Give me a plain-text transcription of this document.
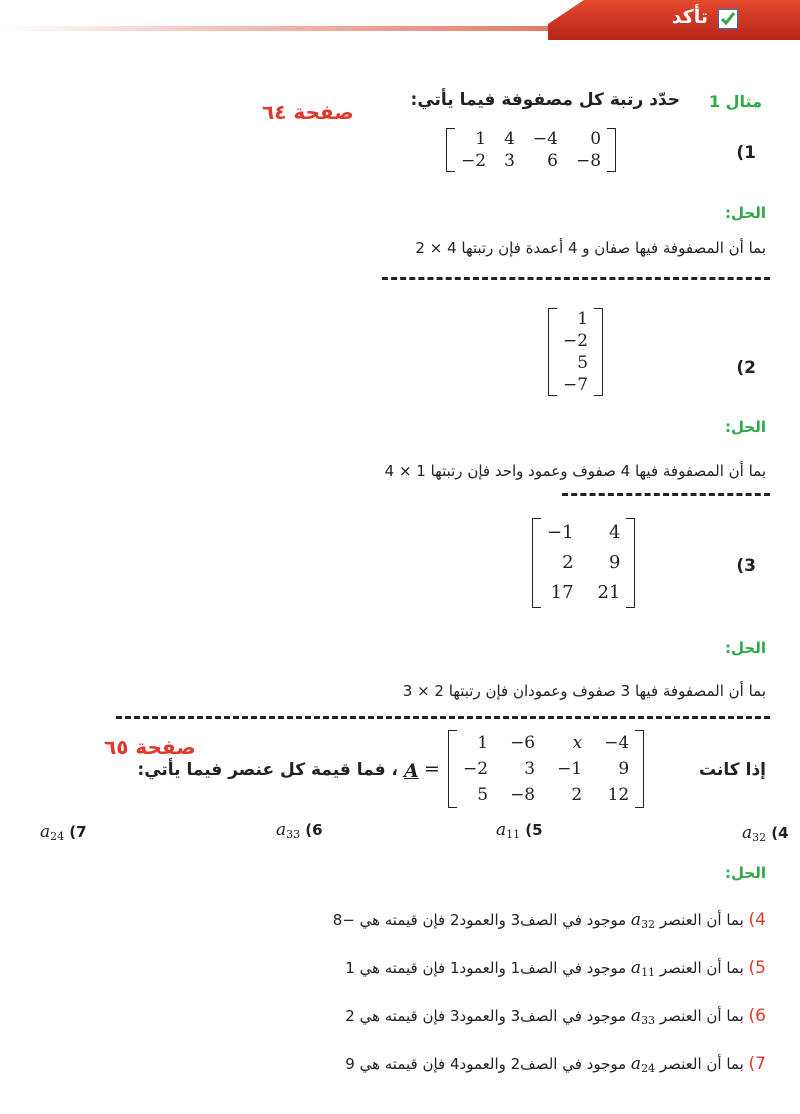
تأكد
مثال 1
حدّد رتبة كل مصفوفة فيما يأتي:
صفحة ٦٤
(1
1 4 −4	0
−2 3	6 −8
الحل:
بما أن المصفوفة فيها صفان و 4 أعمدة فإن رتبتها 4 × 2
(2
1
−2
5
−7
الحل:
بما أن المصفوفة فيها 4 صفوف وعمود واحد فإن رتبتها 1 × 4
(3
−1	4
2	9
17 21
الحل:
بما أن المصفوفة فيها 3 صفوف وعمودان فإن رتبتها 2 × 3
صفحة ٦٥
إذا كانت
1 −6	x −4
−2	3 −1	9
5 −8	2 12
A =
، فما قيمة كل عنصر فيما يأتي:
$a_{32}$ (4
$a_{11}$ (5
$a_{33}$ (6
$a_{24}$ (7
الحل:
4) بما أن العنصر $a_{32}$ موجود في الصف3 والعمود2 فإن قيمته هي −8
5) بما أن العنصر $a_{11}$ موجود في الصف1 والعمود1 فإن قيمته هي 1
6) بما أن العنصر $a_{33}$ موجود في الصف3 والعمود3 فإن قيمته هي 2
7) بما أن العنصر $a_{24}$ موجود في الصف2 والعمود4 فإن قيمته هي 9
